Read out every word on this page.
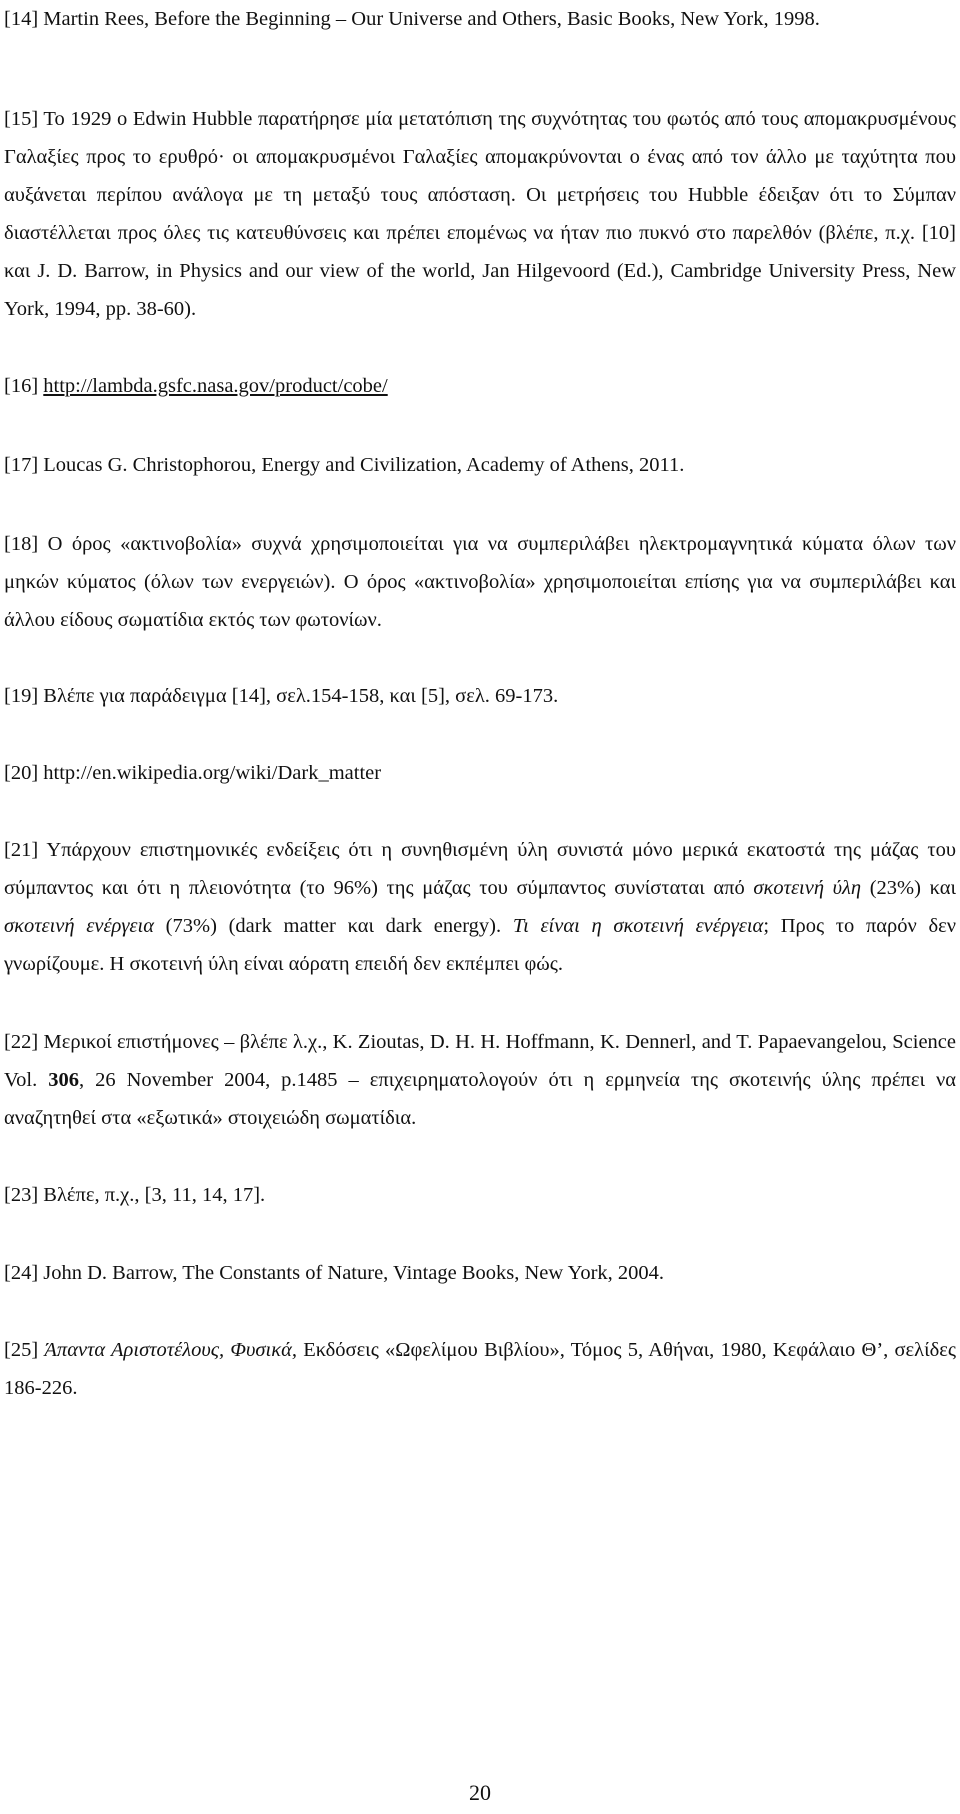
[14] Martin Rees, Before the Beginning – Our Universe and Others, Basic Books, New York, 1998.

[15] Το 1929 ο Edwin Hubble παρατήρησε μία μετατόπιση της συχνότητας του φωτός από τους απομακρυσμένους Γαλαξίες προς το ερυθρό· οι απομακρυσμένοι Γαλαξίες απομακρύνονται ο ένας από τον άλλο με ταχύτητα που αυξάνεται περίπου ανάλογα με τη μεταξύ τους απόσταση. Οι μετρήσεις του Hubble έδειξαν ότι το Σύμπαν διαστέλλεται προς όλες τις κατευθύνσεις και πρέπει επομένως να ήταν πιο πυκνό στο παρελθόν (βλέπε, π.χ. [10] και J. D. Barrow, in Physics and our view of the world, Jan Hilgevoord (Ed.), Cambridge University Press, New York, 1994, pp. 38-60).

[16] http://lambda.gsfc.nasa.gov/product/cobe/

[17] Loucas G. Christophorou, Energy and Civilization, Academy of Athens, 2011.

[18] Ο όρος «ακτινοβολία» συχνά χρησιμοποιείται για να συμπεριλάβει ηλεκτρομαγνητικά κύματα όλων των μηκών κύματος (όλων των ενεργειών). Ο όρος «ακτινοβολία» χρησιμοποιείται επίσης για να συμπεριλάβει και άλλου είδους σωματίδια εκτός των φωτονίων.

[19] Βλέπε για παράδειγμα [14], σελ.154-158, και [5], σελ. 69-173.

[20] http://en.wikipedia.org/wiki/Dark_matter

[21] Υπάρχουν επιστημονικές ενδείξεις ότι η συνηθισμένη ύλη συνιστά μόνο μερικά εκατοστά της μάζας του σύμπαντος και ότι η πλειονότητα (το 96%) της μάζας του σύμπαντος συνίσταται από σκοτεινή ύλη (23%) και σκοτεινή ενέργεια (73%) (dark matter και dark energy). Τι είναι η σκοτεινή ενέργεια; Προς το παρόν δεν γνωρίζουμε. Η σκοτεινή ύλη είναι αόρατη επειδή δεν εκπέμπει φώς.

[22] Μερικοί επιστήμονες – βλέπε λ.χ., K. Zioutas, D. H. H. Hoffmann, K. Dennerl, and T. Papaevangelou, Science Vol. 306, 26 November 2004, p.1485 – επιχειρηματολογούν ότι η ερμηνεία της σκοτεινής ύλης πρέπει να αναζητηθεί στα «εξωτικά» στοιχειώδη σωματίδια.

[23] Βλέπε, π.χ., [3, 11, 14, 17].

[24] John D. Barrow, The Constants of Nature, Vintage Books, New York, 2004.

[25] Άπαντα Αριστοτέλους, Φυσικά, Εκδόσεις «Ωφελίμου Βιβλίου», Τόμος 5, Αθήναι, 1980, Κεφάλαιο Θ’, σελίδες 186-226.

20
